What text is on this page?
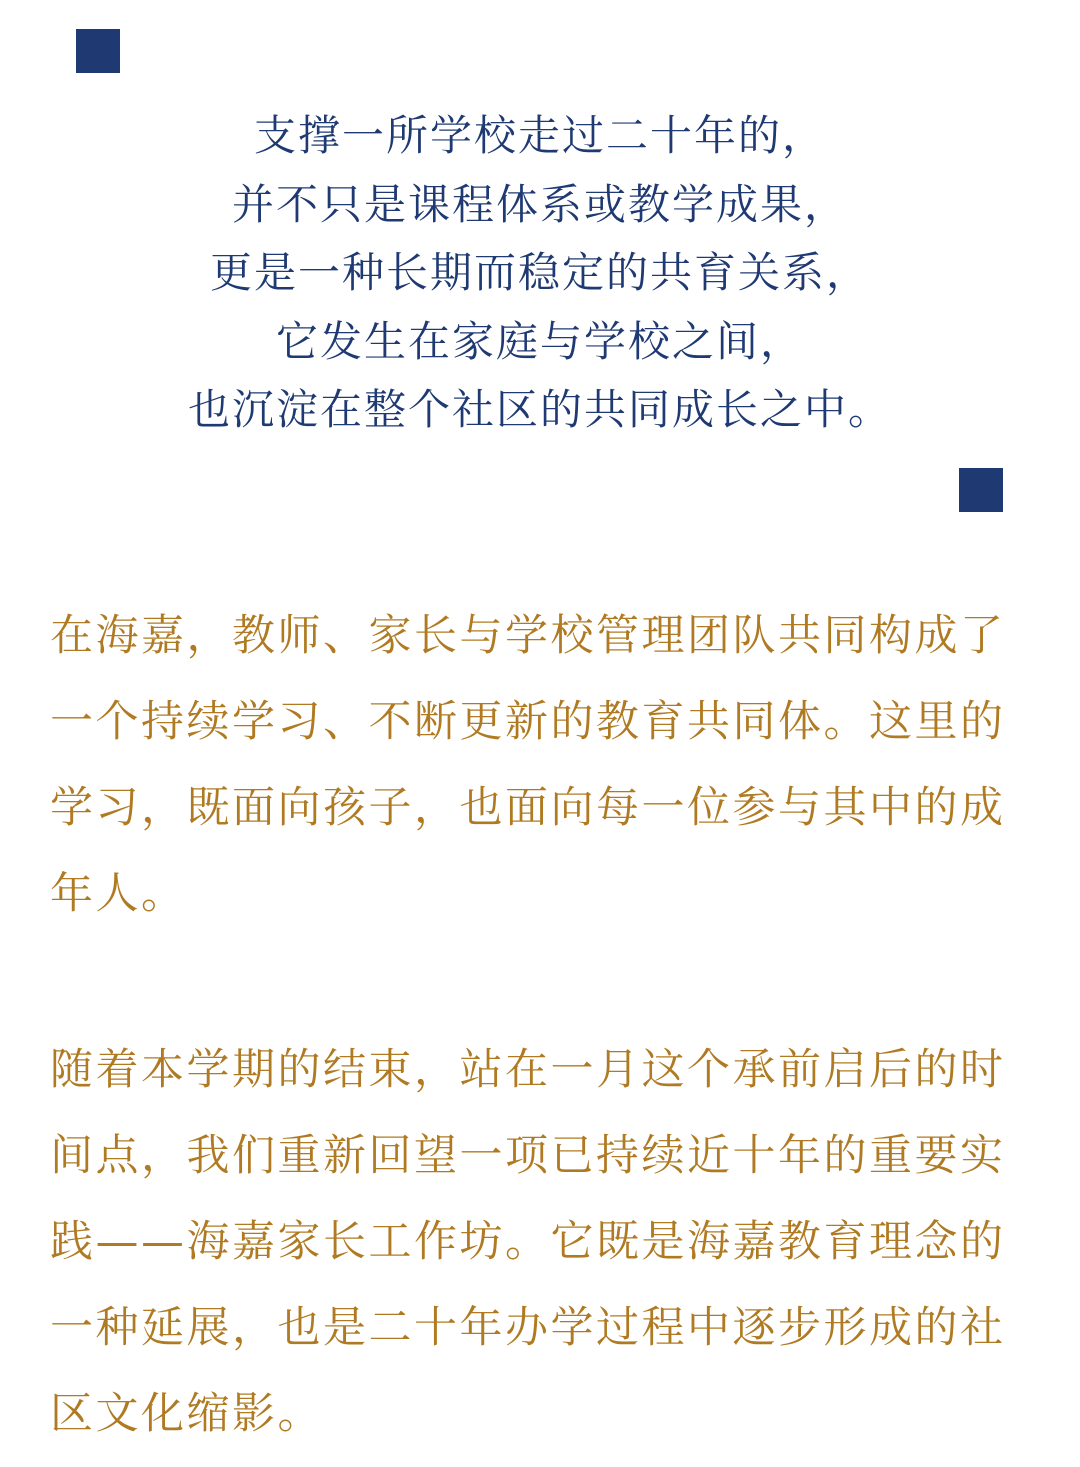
支撑一所学校走过二十年的，
并不只是课程体系或教学成果，
更是一种长期而稳定的共育关系，
它发生在家庭与学校之间，
也沉淀在整个社区的共同成长之中。
在海嘉，教师、家长与学校管理团队共同构成了
一个持续学习、不断更新的教育共同体。这里的
学习，既面向孩子，也面向每一位参与其中的成
年人。
随着本学期的结束，站在一月这个承前启后的时
间点，我们重新回望一项已持续近十年的重要实
践——海嘉家长工作坊。它既是海嘉教育理念的
一种延展，也是二十年办学过程中逐步形成的社
区文化缩影。
